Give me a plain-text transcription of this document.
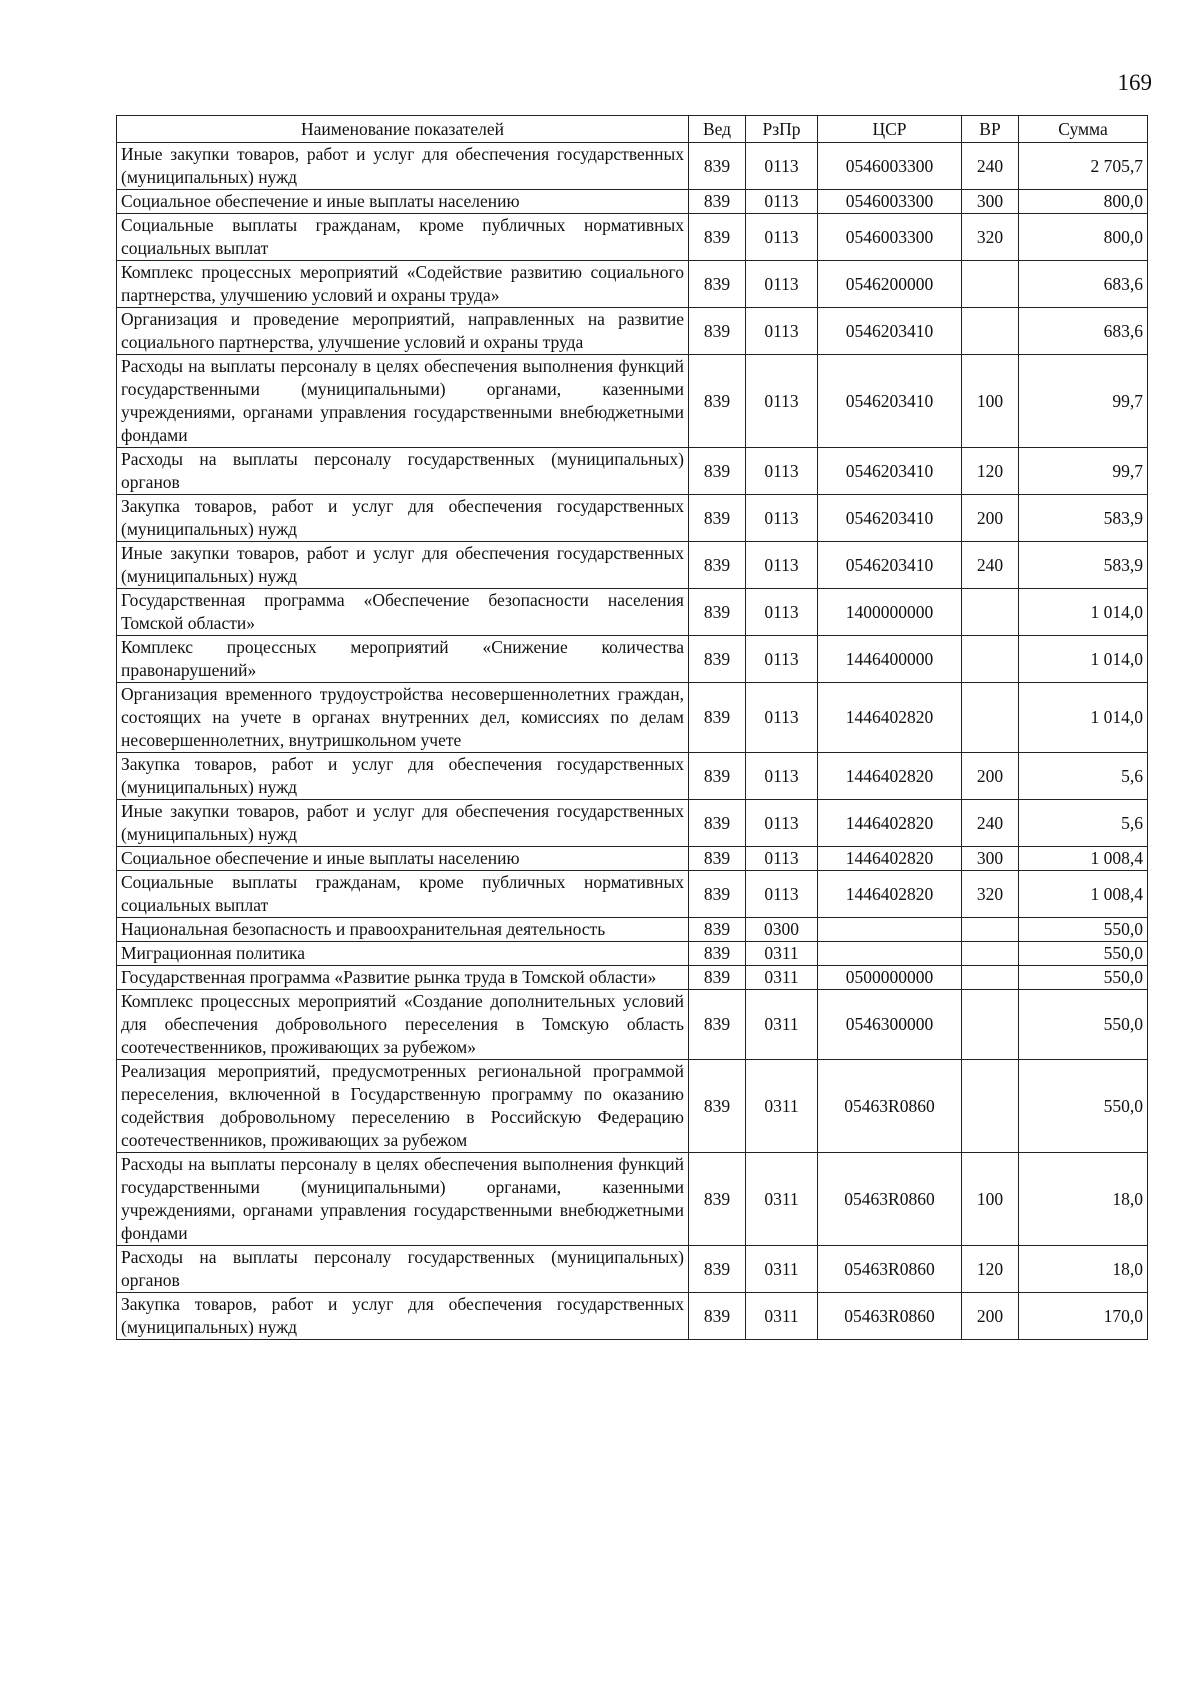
169
Наименование показателей	Вед	РзПр	ЦСР	ВР	Сумма
Иные закупки товаров, работ и услуг для обеспечения государственных (муниципальных) нужд	839	0113	0546003300	240	2 705,7
Социальное обеспечение и иные выплаты населению	839	0113	0546003300	300	800,0
Социальные выплаты гражданам, кроме публичных нормативных социальных выплат	839	0113	0546003300	320	800,0
Комплекс процессных мероприятий «Содействие развитию социального партнерства, улучшению условий и охраны труда»	839	0113	0546200000		683,6
Организация и проведение мероприятий, направленных на развитие социального партнерства, улучшение условий и охраны труда	839	0113	0546203410		683,6
Расходы на выплаты персоналу в целях обеспечения выполнения функций государственными (муниципальными) органами, казенными учреждениями, органами управления государственными внебюджетными фондами	839	0113	0546203410	100	99,7
Расходы на выплаты персоналу государственных (муниципальных) органов	839	0113	0546203410	120	99,7
Закупка товаров, работ и услуг для обеспечения государственных (муниципальных) нужд	839	0113	0546203410	200	583,9
Иные закупки товаров, работ и услуг для обеспечения государственных (муниципальных) нужд	839	0113	0546203410	240	583,9
Государственная программа «Обеспечение безопасности населения Томской области»	839	0113	1400000000		1 014,0
Комплекс процессных мероприятий «Снижение количества правонарушений»	839	0113	1446400000		1 014,0
Организация временного трудоустройства несовершеннолетних граждан, состоящих на учете в органах внутренних дел, комиссиях по делам несовершеннолетних, внутришкольном учете	839	0113	1446402820		1 014,0
Закупка товаров, работ и услуг для обеспечения государственных (муниципальных) нужд	839	0113	1446402820	200	5,6
Иные закупки товаров, работ и услуг для обеспечения государственных (муниципальных) нужд	839	0113	1446402820	240	5,6
Социальное обеспечение и иные выплаты населению	839	0113	1446402820	300	1 008,4
Социальные выплаты гражданам, кроме публичных нормативных социальных выплат	839	0113	1446402820	320	1 008,4
Национальная безопасность и правоохранительная деятельность	839	0300			550,0
Миграционная политика	839	0311			550,0
Государственная программа «Развитие рынка труда в Томской области»	839	0311	0500000000		550,0
Комплекс процессных мероприятий «Создание дополнительных условий для обеспечения добровольного переселения в Томскую область соотечественников, проживающих за рубежом»	839	0311	0546300000		550,0
Реализация мероприятий, предусмотренных региональной программой переселения, включенной в Государственную программу по оказанию содействия добровольному переселению в Российскую Федерацию соотечественников, проживающих за рубежом	839	0311	05463R0860		550,0
Расходы на выплаты персоналу в целях обеспечения выполнения функций государственными (муниципальными) органами, казенными учреждениями, органами управления государственными внебюджетными фондами	839	0311	05463R0860	100	18,0
Расходы на выплаты персоналу государственных (муниципальных) органов	839	0311	05463R0860	120	18,0
Закупка товаров, работ и услуг для обеспечения государственных (муниципальных) нужд	839	0311	05463R0860	200	170,0
